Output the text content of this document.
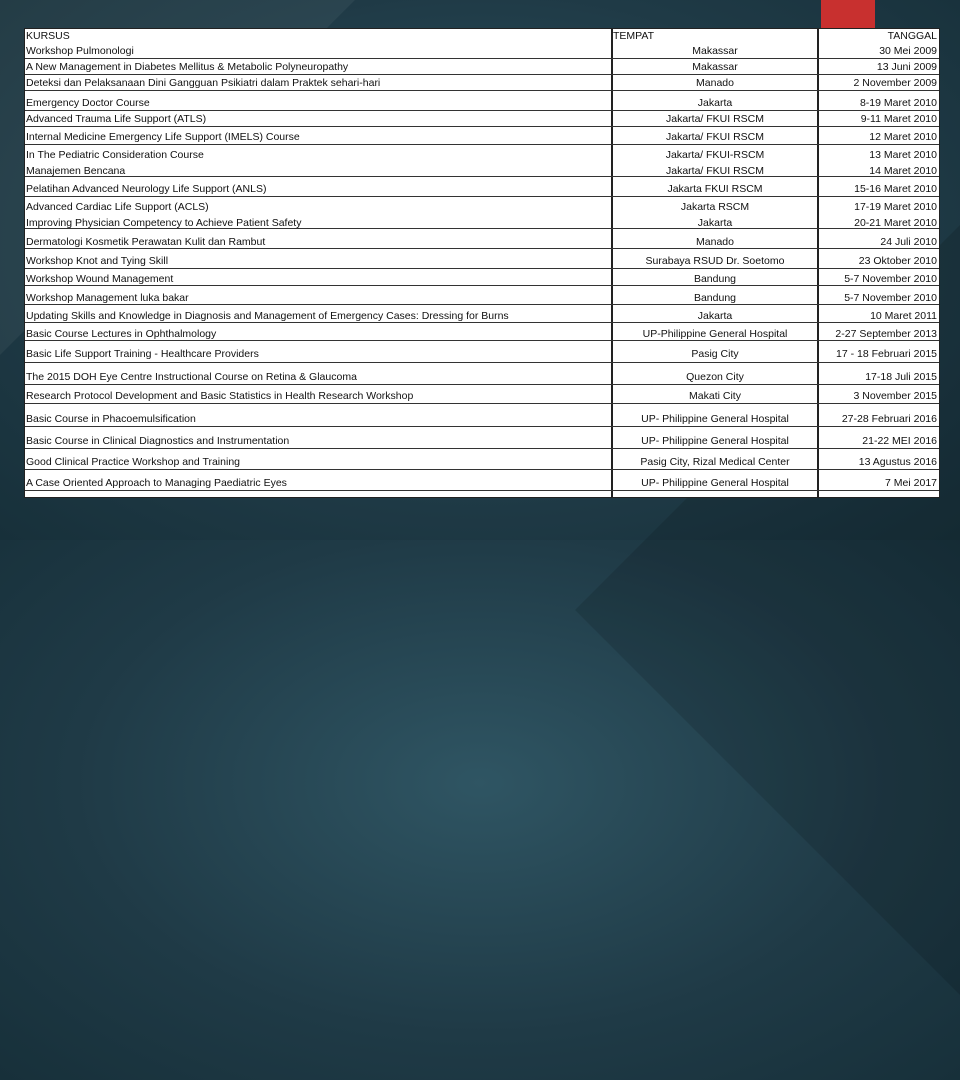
KURSUS	TEMPAT	TANGGAL
Workshop Pulmonologi	Makassar	30 Mei 2009
A New Management in Diabetes Mellitus & Metabolic Polyneuropathy	Makassar	13 Juni 2009
Deteksi dan Pelaksanaan Dini Gangguan Psikiatri dalam Praktek sehari-hari	Manado	2 November 2009
Emergency Doctor Course	Jakarta	8-19 Maret 2010
Advanced Trauma Life Support (ATLS)	Jakarta/ FKUI RSCM	9-11 Maret 2010
Internal Medicine Emergency Life Support (IMELS) Course	Jakarta/ FKUI RSCM	12 Maret 2010
In The Pediatric Consideration Course	Jakarta/ FKUI-RSCM	13 Maret 2010
Manajemen Bencana	Jakarta/ FKUI RSCM	14 Maret 2010
Pelatihan Advanced Neurology Life Support (ANLS)	Jakarta FKUI RSCM	15-16 Maret 2010
Advanced Cardiac Life Support (ACLS)	Jakarta RSCM	17-19 Maret 2010
Improving Physician Competency to Achieve Patient Safety	Jakarta	20-21 Maret 2010
Dermatologi Kosmetik Perawatan Kulit dan Rambut	Manado	24 Juli 2010
Workshop Knot and Tying Skill	Surabaya RSUD Dr. Soetomo	23 Oktober 2010
Workshop Wound Management	Bandung	5-7 November 2010
Workshop Management luka bakar	Bandung	5-7 November 2010
Updating Skills and Knowledge in Diagnosis and Management of Emergency Cases: Dressing for Burns	Jakarta	10 Maret 2011
Basic Course Lectures in Ophthalmology	UP-Philippine General Hospital	2-27 September 2013
Basic Life Support Training - Healthcare Providers	Pasig City	17 - 18 Februari 2015
The 2015 DOH Eye Centre Instructional Course on Retina & Glaucoma	Quezon City	17-18 Juli 2015
Research Protocol Development and Basic Statistics in Health Research Workshop	Makati City	3 November 2015
Basic Course in Phacoemulsification	UP- Philippine General Hospital	27-28 Februari 2016
Basic Course in Clinical Diagnostics and Instrumentation	UP- Philippine General Hospital	21-22 MEI 2016
Good Clinical Practice Workshop and Training	Pasig City, Rizal Medical Center	13 Agustus 2016
A Case Oriented Approach to Managing Paediatric Eyes	UP- Philippine General Hospital	7 Mei 2017
